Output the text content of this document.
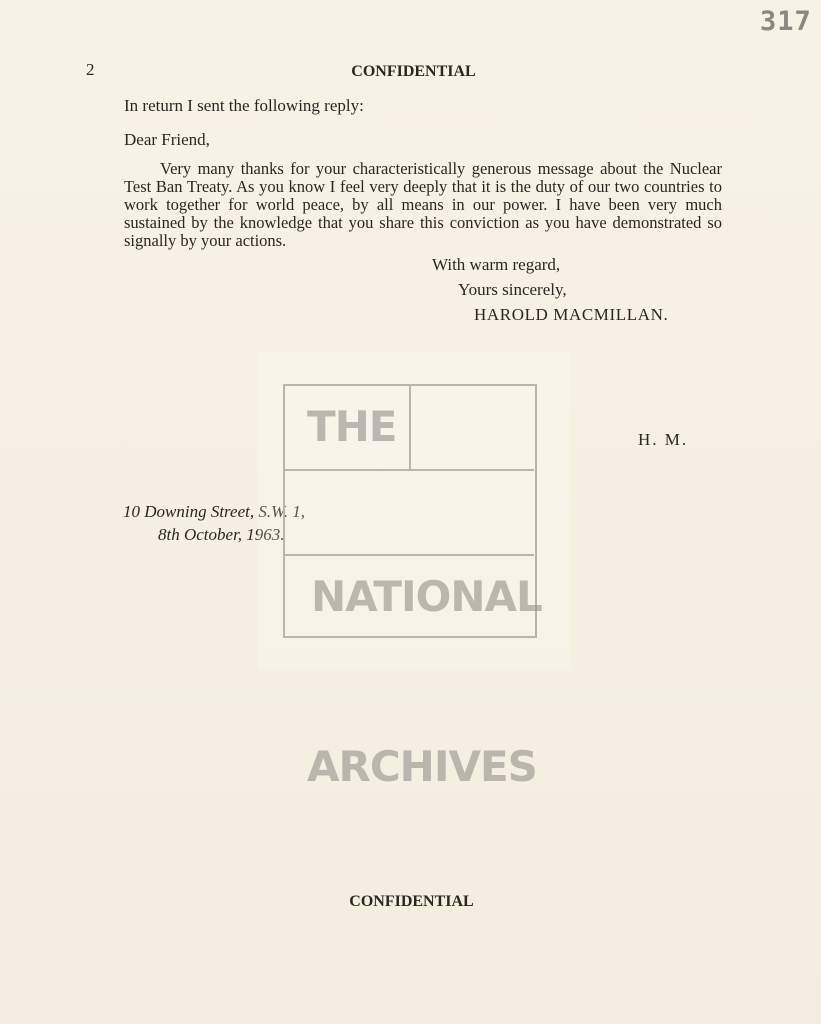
317
2	CONFIDENTIAL
In return I sent the following reply:
Dear Friend,
Very many thanks for your characteristically generous message about the Nuclear Test Ban Treaty. As you know I feel very deeply that it is the duty of our two countries to work together for world peace, by all means in our power. I have been very much sustained by the knowledge that you share this conviction as you have demonstrated so signally by your actions.
With warm regard,
Yours sincerely,
HAROLD MACMILLAN.
H. M.
10 Downing Street, S.W. 1,
8th October, 1963.
CONFIDENTIAL
THE
NATIONAL
ARCHIVES
